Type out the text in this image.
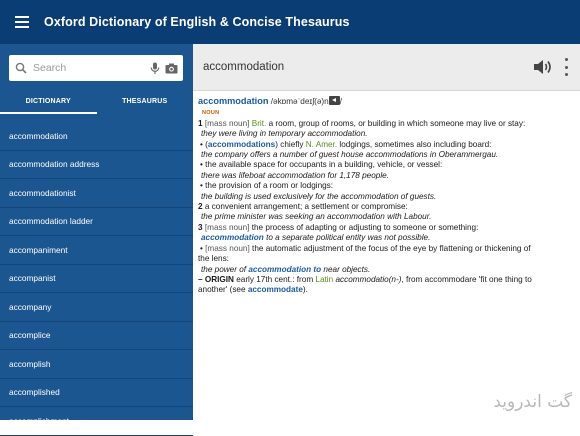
Oxford Dictionary of English & Concise Thesaurus
Search
DICTIONARY	THESAURUS
accommodation
accommodation address
accommodationist
accommodation ladder
accompaniment
accompanist
accompany
accomplice
accomplish
accomplished
accomplishment
accommodation
accommodation /əkɒməˈdeɪʃ(ə)n /
NOUN
1 [mass noun] Brit. a room, group of rooms, or building in which someone may live or stay:
they were living in temporary accommodation.
• (accommodations) chiefly N. Amer. lodgings, sometimes also including board:
the company offers a number of guest house accommodations in Oberammergau.
• the available space for occupants in a building, vehicle, or vessel:
there was lifeboat accommodation for 1,178 people.
• the provision of a room or lodgings:
the building is used exclusively for the accommodation of guests.
2 a convenient arrangement; a settlement or compromise:
the prime minister was seeking an accommodation with Labour.
3 [mass noun] the process of adapting or adjusting to someone or something:
accommodation to a separate political entity was not possible.
• [mass noun] the automatic adjustment of the focus of the eye by flattening or thickening of
the lens:
the power of accommodation to near objects.
– ORIGIN early 17th cent.: from Latin accommodatio(n-), from accommodare 'fit one thing to
another' (see accommodate).
گت اندروید
